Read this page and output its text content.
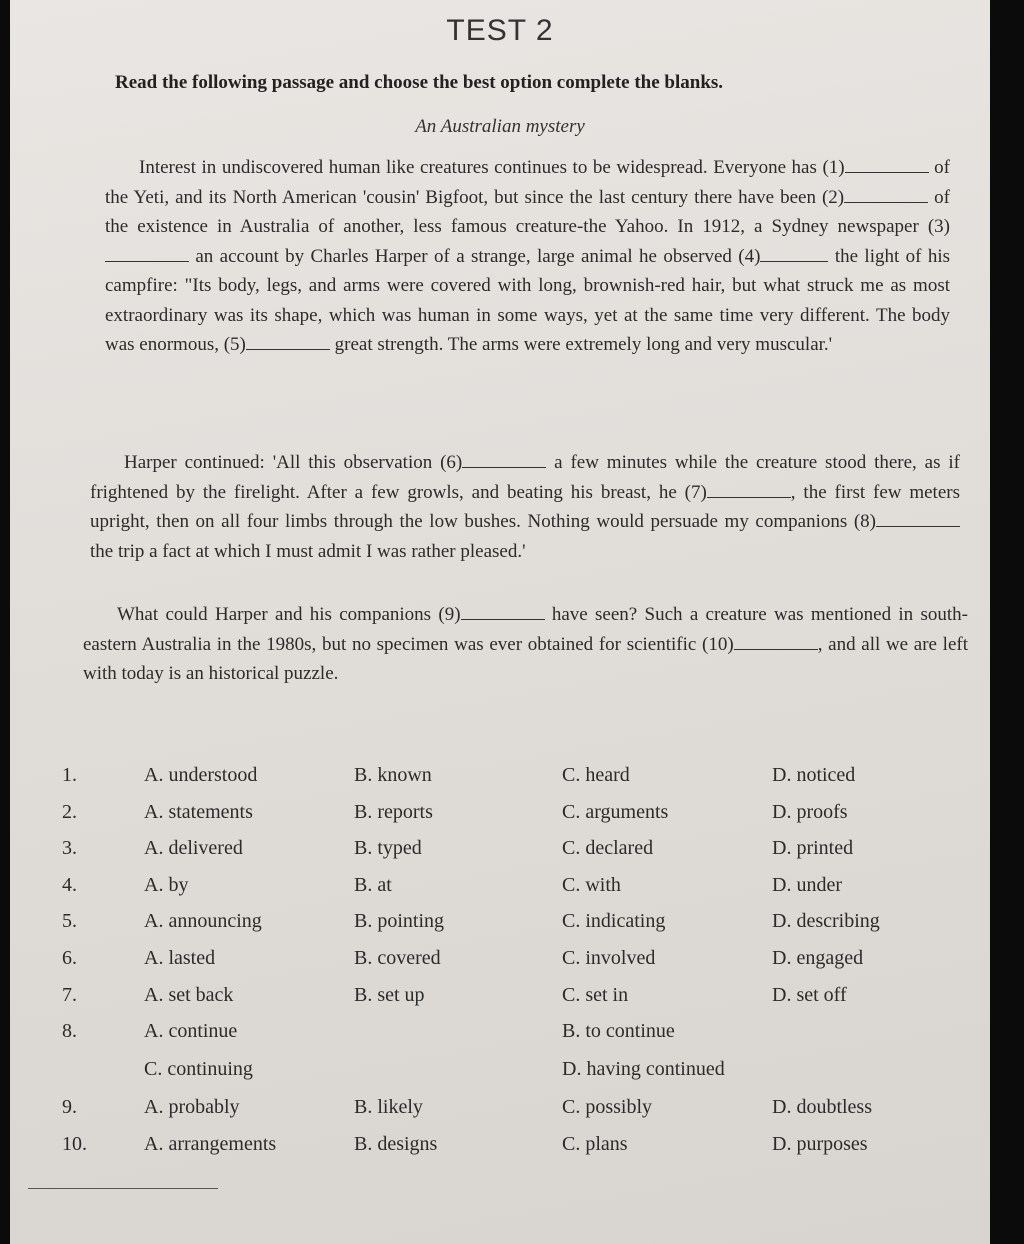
TEST 2
Read the following passage and choose the best option complete the blanks.
An Australian mystery
Interest in undiscovered human like creatures continues to be widespread. Everyone has (1)	of the Yeti, and its North American 'cousin' Bigfoot, but since the last century there have been (2)	of the existence in Australia of another, less famous creature-the Yahoo. In 1912, a Sydney newspaper (3) an account by Charles Harper of a strange, large animal he observed (4)	the light of his campfire: "Its body, legs, and arms were covered with long, brownish-red hair, but what struck me as most extraordinary was its shape, which was human in some ways, yet at the same time very different. The body was enormous, (5)	great strength. The arms were extremely long and very muscular.'
Harper continued: 'All this observation (6)	a few minutes while the creature stood there, as if frightened by the firelight. After a few growls, and beating his breast, he (7)	, the first few meters upright, then on all four limbs through the low bushes. Nothing would persuade my companions (8) the trip a fact at which I must admit I was rather pleased.'
What could Harper and his companions (9)	have seen? Such a creature was mentioned in south-eastern Australia in the 1980s, but no specimen was ever obtained for scientific (10)	, and all we are left with today is an historical puzzle.
1.	A. understood	B. known	C. heard	D. noticed
2.	A. statements	B. reports	C. arguments	D. proofs
3.	A. delivered	B. typed	C. declared	D. printed
4.	A. by	B. at	C. with	D. under
5.	A. announcing	B. pointing	C. indicating	D. describing
6.	A. lasted	B. covered	C. involved	D. engaged
7.	A. set back	B. set up	C. set in	D. set off
8.	A. continue	B. to continue
C. continuing	D. having continued
9.	A. probably	B. likely	C. possibly	D. doubtless
10.	A. arrangements	B. designs	C. plans	D. purposes
